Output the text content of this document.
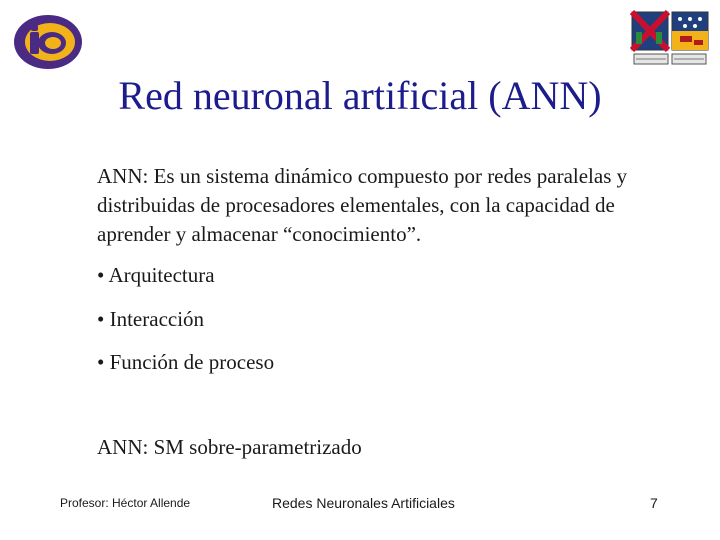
Red neuronal artificial (ANN)
ANN: Es un sistema dinámico compuesto por redes paralelas y distribuidas de procesadores elementales, con la capacidad de aprender y almacenar “conocimiento”.
• Arquitectura
• Interacción
• Función de proceso
ANN: SM sobre-parametrizado
Profesor: Héctor Allende	Redes Neuronales Artificiales	7
